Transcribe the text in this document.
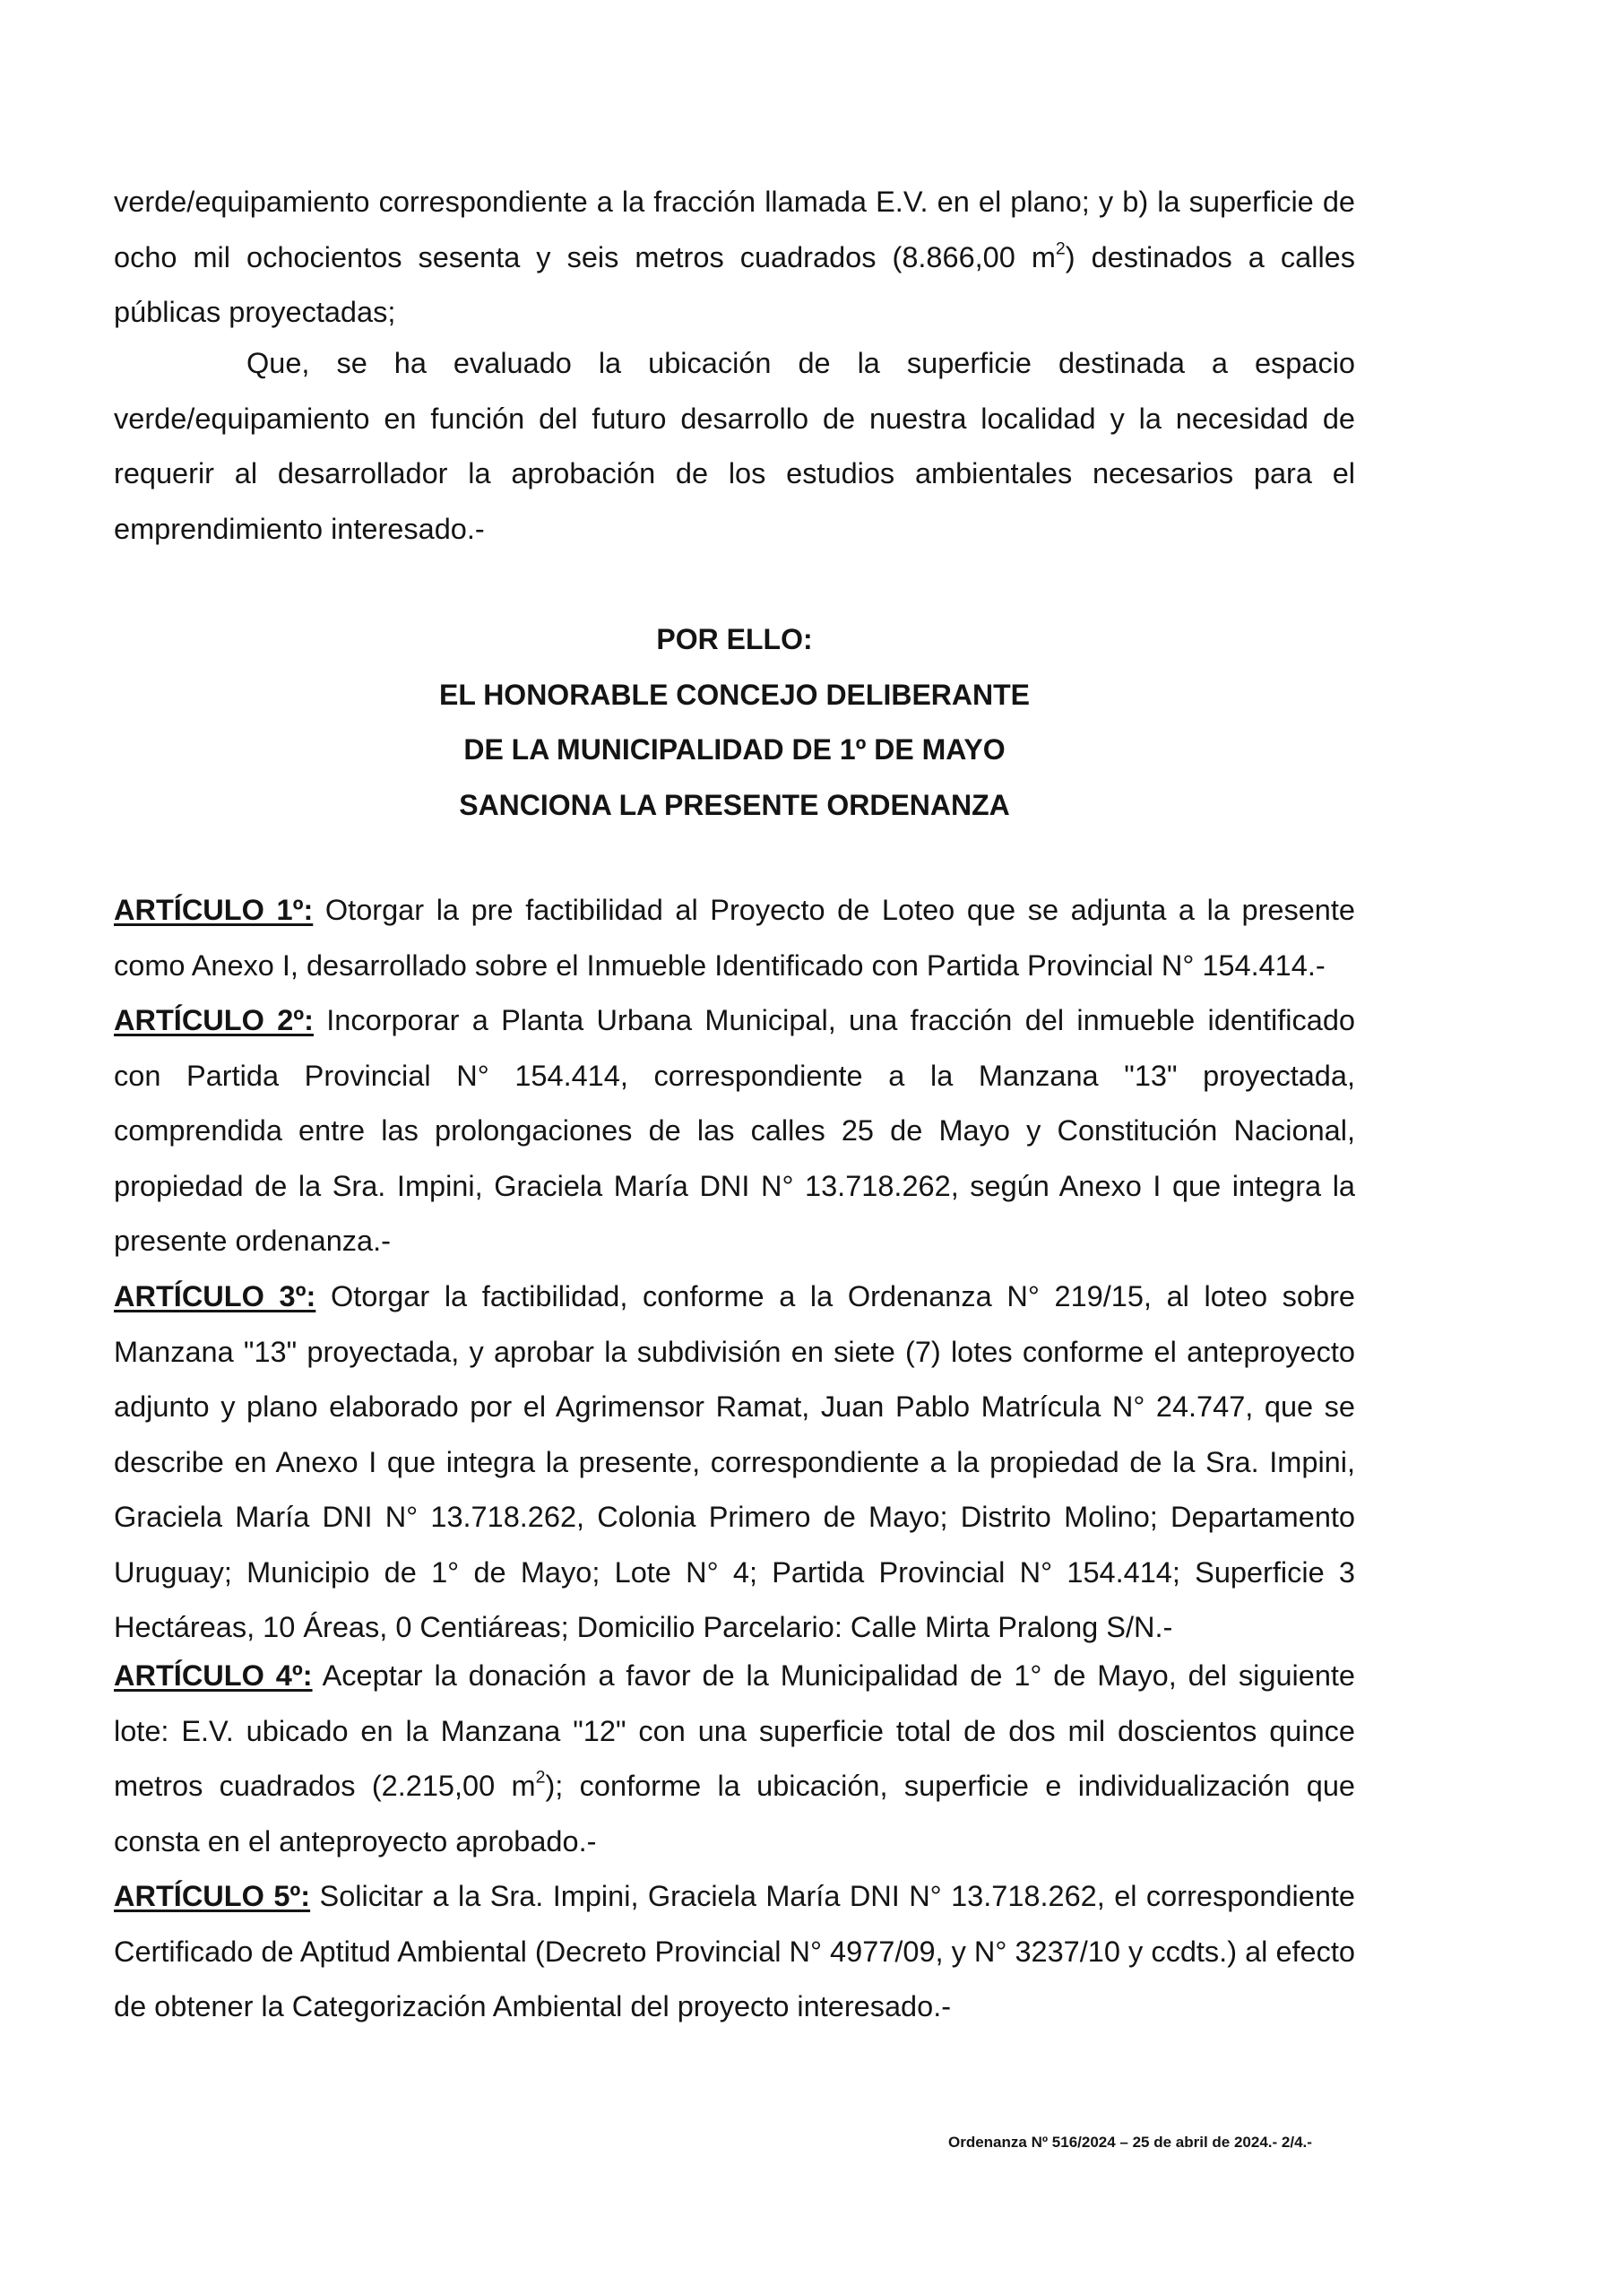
verde/equipamiento correspondiente a la fracción llamada E.V. en el plano; y b) la superficie de ocho mil ochocientos sesenta y seis metros cuadrados (8.866,00 $m^2$) destinados a calles públicas proyectadas;

Que, se ha evaluado la ubicación de la superficie destinada a espacio verde/equipamiento en función del futuro desarrollo de nuestra localidad y la necesidad de requerir al desarrollador la aprobación de los estudios ambientales necesarios para el emprendimiento interesado.-

POR ELLO:
EL HONORABLE CONCEJO DELIBERANTE
DE LA MUNICIPALIDAD DE 1º DE MAYO
SANCIONA LA PRESENTE ORDENANZA

ARTÍCULO 1º: Otorgar la pre factibilidad al Proyecto de Loteo que se adjunta a la presente como Anexo I, desarrollado sobre el Inmueble Identificado con Partida Provincial N° 154.414.-

ARTÍCULO 2º: Incorporar a Planta Urbana Municipal, una fracción del inmueble identificado con Partida Provincial N° 154.414, correspondiente a la Manzana "13" proyectada, comprendida entre las prolongaciones de las calles 25 de Mayo y Constitución Nacional, propiedad de la Sra. Impini, Graciela María DNI N° 13.718.262, según Anexo I que integra la presente ordenanza.-

ARTÍCULO 3º: Otorgar la factibilidad, conforme a la Ordenanza N° 219/15, al loteo sobre Manzana "13" proyectada, y aprobar la subdivisión en siete (7) lotes conforme el anteproyecto adjunto y plano elaborado por el Agrimensor Ramat, Juan Pablo Matrícula N° 24.747, que se describe en Anexo I que integra la presente, correspondiente a la propiedad de la Sra. Impini, Graciela María DNI N° 13.718.262, Colonia Primero de Mayo; Distrito Molino; Departamento Uruguay; Municipio de 1° de Mayo; Lote N° 4; Partida Provincial N° 154.414; Superficie 3 Hectáreas, 10 Áreas, 0 Centiáreas; Domicilio Parcelario: Calle Mirta Pralong S/N.-

ARTÍCULO 4º: Aceptar la donación a favor de la Municipalidad de 1° de Mayo, del siguiente lote: E.V. ubicado en la Manzana "12" con una superficie total de dos mil doscientos quince metros cuadrados (2.215,00 $m^2$); conforme la ubicación, superficie e individualización que consta en el anteproyecto aprobado.-

ARTÍCULO 5º: Solicitar a la Sra. Impini, Graciela María DNI N° 13.718.262, el correspondiente Certificado de Aptitud Ambiental (Decreto Provincial N° 4977/09, y N° 3237/10 y ccdts.) al efecto de obtener la Categorización Ambiental del proyecto interesado.-

Ordenanza Nº 516/2024 – 25 de abril de 2024.- 2/4.-
